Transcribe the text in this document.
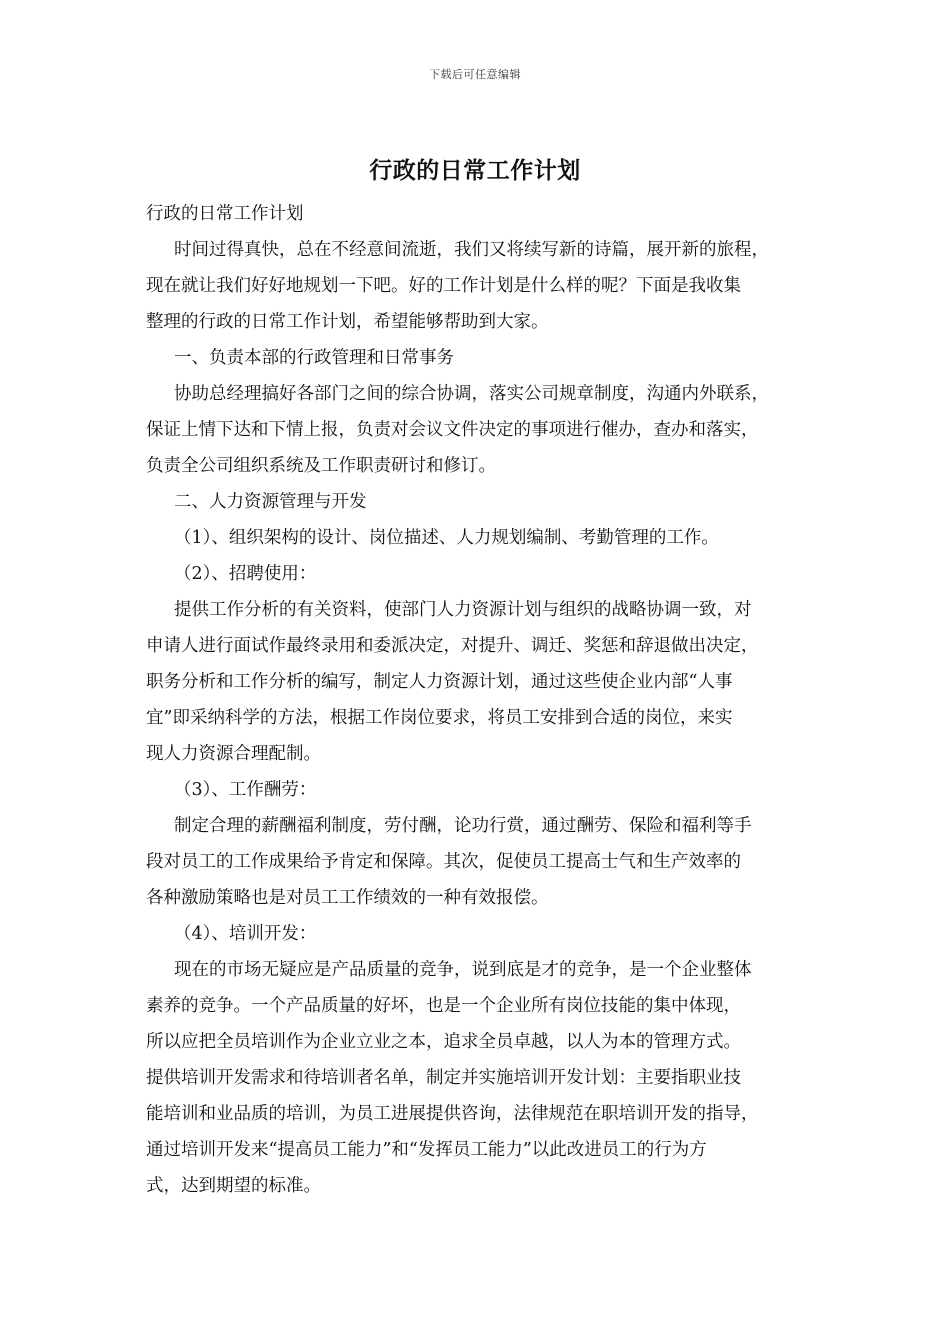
下载后可任意编辑
行政的日常工作计划

行政的日常工作计划

时间过得真快，总在不经意间流逝，我们又将续写新的诗篇，展开新的旅程，

现在就让我们好好地规划一下吧。好的工作计划是什么样的呢？下面是我收集

整理的行政的日常工作计划，希望能够帮助到大家。

一、负责本部的行政管理和日常事务

协助总经理搞好各部门之间的综合协调，落实公司规章制度，沟通内外联系，

保证上情下达和下情上报，负责对会议文件决定的事项进行催办，查办和落实，

负责全公司组织系统及工作职责研讨和修订。

二、人力资源管理与开发

（1）、组织架构的设计、岗位描述、人力规划编制、考勤管理的工作。

（2）、招聘使用：

提供工作分析的有关资料，使部门人力资源计划与组织的战略协调一致，对

申请人进行面试作最终录用和委派决定，对提升、调迁、奖惩和辞退做出决定，

职务分析和工作分析的编写，制定人力资源计划，通过这些使企业内部“人事

宜”即采纳科学的方法，根据工作岗位要求，将员工安排到合适的岗位，来实

现人力资源合理配制。

（3）、工作酬劳：

制定合理的薪酬福利制度，劳付酬，论功行赏，通过酬劳、保险和福利等手

段对员工的工作成果给予肯定和保障。其次，促使员工提高士气和生产效率的

各种激励策略也是对员工工作绩效的一种有效报偿。

（4）、培训开发：

现在的市场无疑应是产品质量的竞争，说到底是才的竞争，是一个企业整体

素养的竞争。一个产品质量的好坏，也是一个企业所有岗位技能的集中体现，

所以应把全员培训作为企业立业之本，追求全员卓越，以人为本的管理方式。

提供培训开发需求和待培训者名单，制定并实施培训开发计划：主要指职业技

能培训和业品质的培训，为员工进展提供咨询，法律规范在职培训开发的指导，

通过培训开发来“提高员工能力”和“发挥员工能力”以此改进员工的行为方

式，达到期望的标准。
